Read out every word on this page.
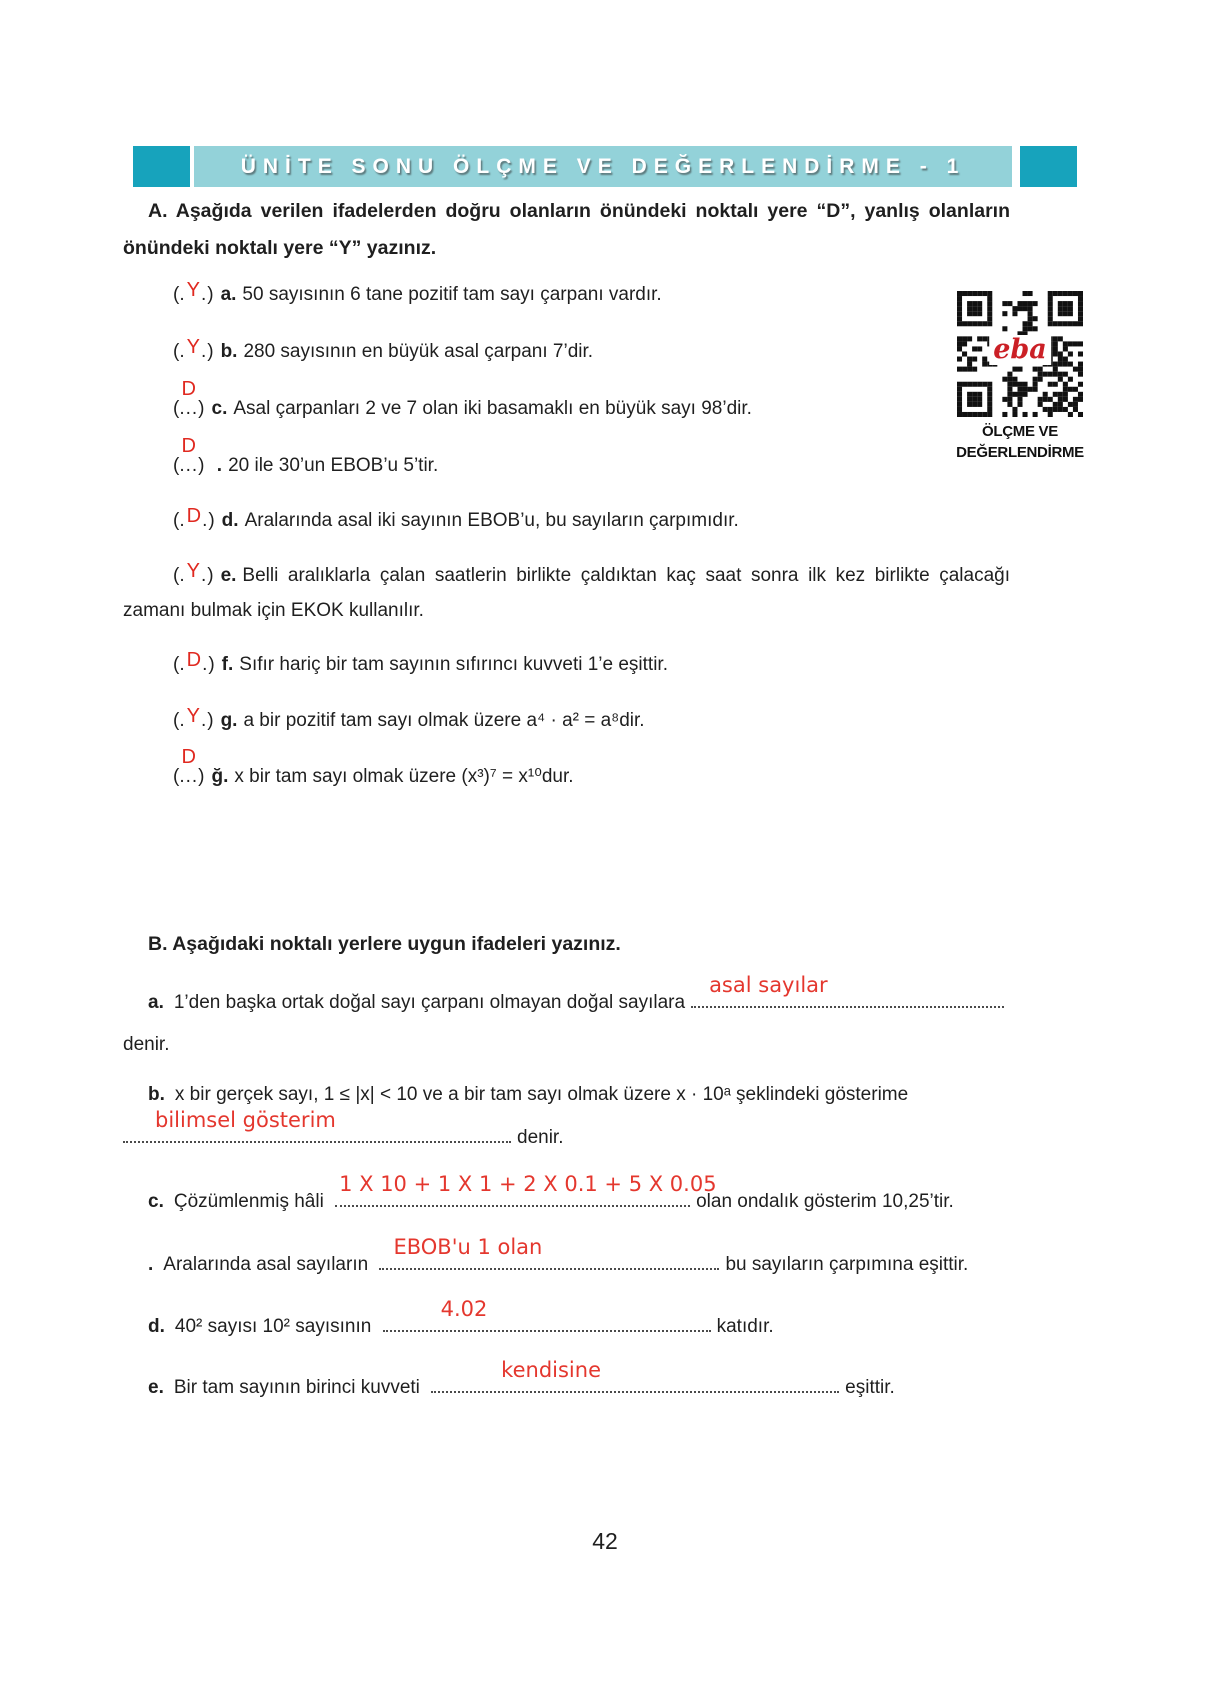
ÜNİTE SONU ÖLÇME VE DEĞERLENDİRME - 1

A. Aşağıda verilen ifadelerden doğru olanların önündeki noktalı yere “D”, yanlış olanların önündeki noktalı yere “Y” yazınız.

eba
ÖLÇME VE
DEĞERLENDİRME
(.Y.) a. 50 sayısının 6 tane pozitif tam sayı çarpanı vardır.
(.Y.) b. 280 sayısının en büyük asal çarpanı 7’dir.
(...
D
) c. Asal çarpanları 2 ve 7 olan iki basamaklı en büyük sayı 98’dir.
(...
D
) . 20 ile 30’un EBOB’u 5’tir.
(.D.) d. Aralarında asal iki sayının EBOB’u, bu sayıların çarpımıdır.
(.Y.) e. Belli aralıklarla çalan saatlerin birlikte çaldıktan kaç saat sonra ilk kez birlikte çalacağı zamanı bulmak için EKOK kullanılır.
(.D.) f. Sıfır hariç bir tam sayının sıfırıncı kuvveti 1’e eşittir.
(.Y.) g. a bir pozitif tam sayı olmak üzere a⁴ · a² = a⁸dir.
(...
D
) ğ. x bir tam sayı olmak üzere (x³)⁷ = x¹⁰dur.

B. Aşağıdaki noktalı yerlere uygun ifadeleri yazınız.

a. 1’den başka ortak doğal sayı çarpanı olmayan doğal sayılara
asal sayılar
denir.
b. x bir gerçek sayı, 1 ≤ |x| < 10 ve a bir tam sayı olmak üzere x · 10ᵃ şeklindeki gösterime
bilimsel gösterim
denir.
c. Çözümlenmiş hâli
1 X 10 + 1 X 1 + 2 X 0.1 + 5 X 0.05
olan ondalık gösterim 10,25’tir.
. Aralarında asal sayıların
EBOB'u 1 olan
bu sayıların çarpımına eşittir.
d. 40² sayısı 10² sayısının
4.02
katıdır.
e. Bir tam sayının birinci kuvveti
kendisine
eşittir.
42
